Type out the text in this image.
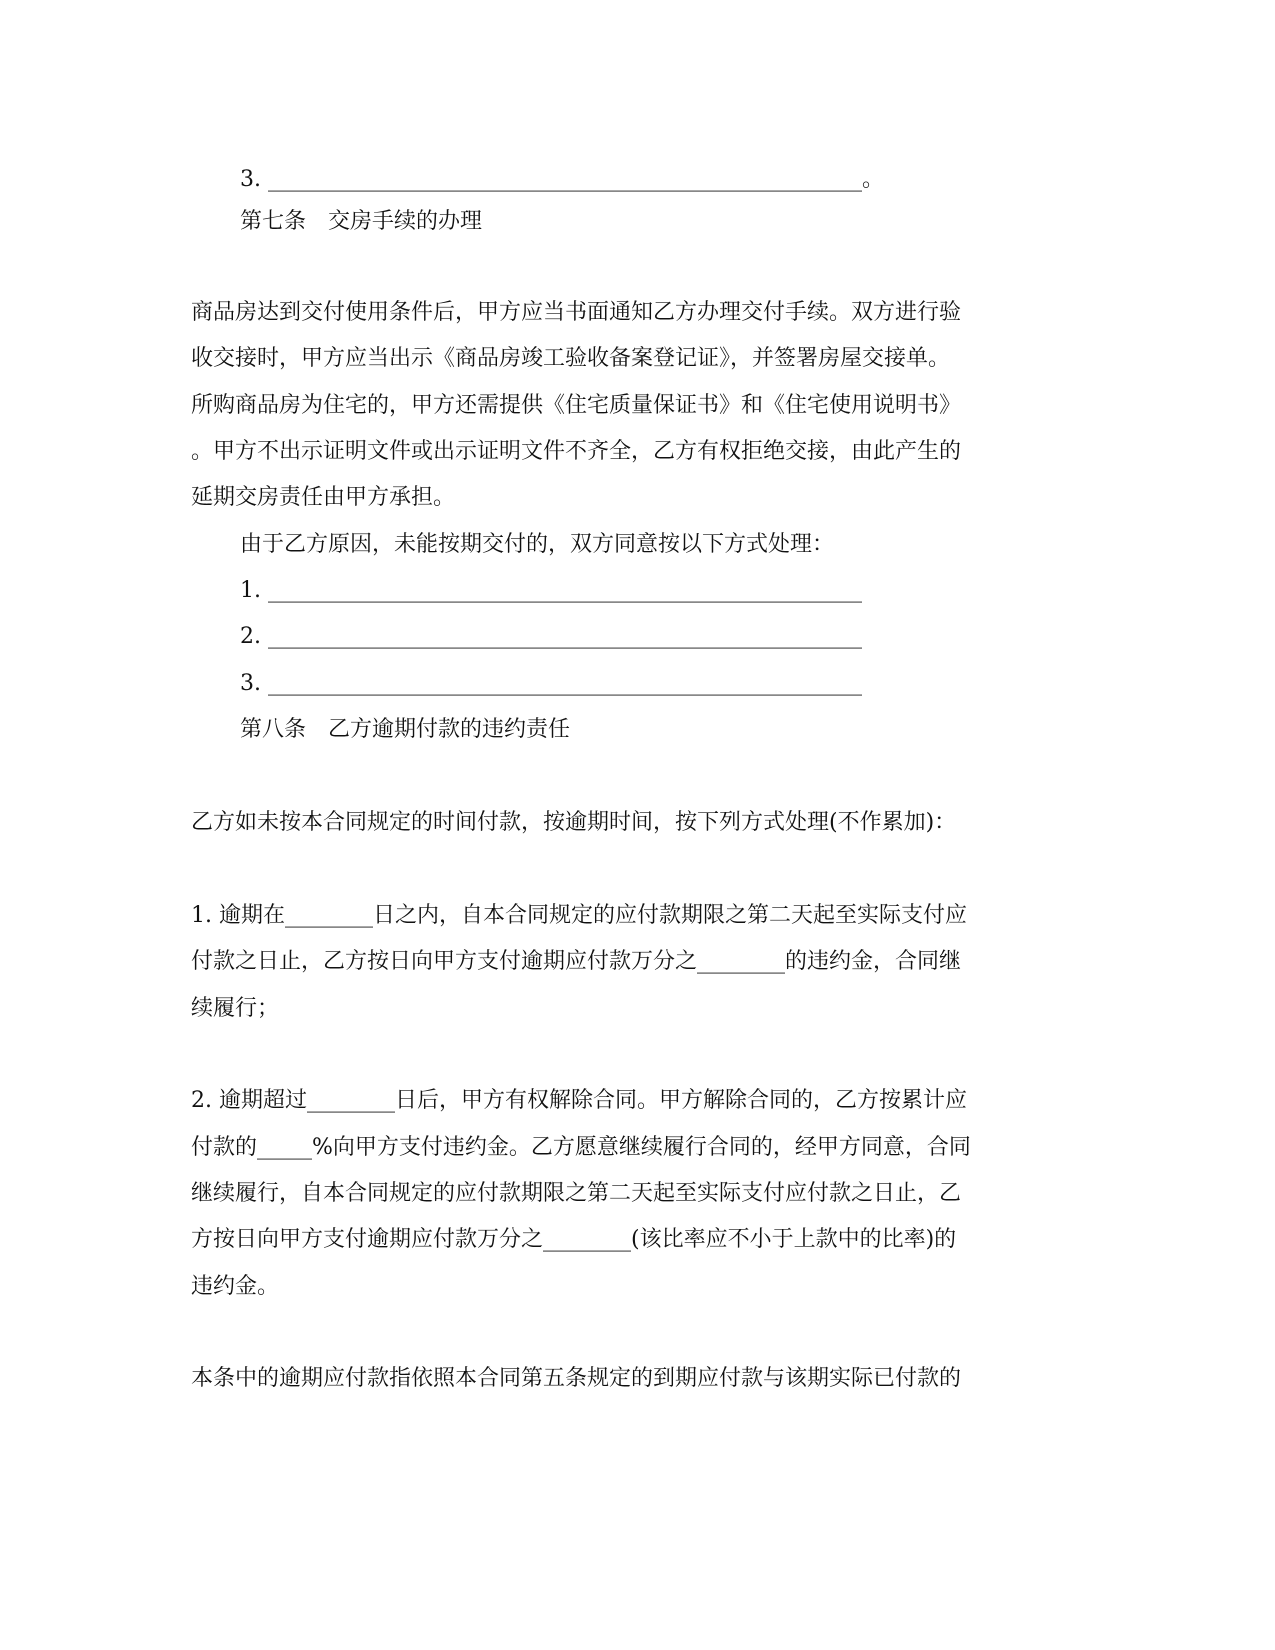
3. ______________________________________________________。
第七条　交房手续的办理
商品房达到交付使用条件后，甲方应当书面通知乙方办理交付手续。双方进行验
收交接时，甲方应当出示《商品房竣工验收备案登记证》，并签署房屋交接单。
所购商品房为住宅的，甲方还需提供《住宅质量保证书》和《住宅使用说明书》
。甲方不出示证明文件或出示证明文件不齐全，乙方有权拒绝交接，由此产生的
延期交房责任由甲方承担。
由于乙方原因，未能按期交付的，双方同意按以下方式处理：
1. ______________________________________________________
2. ______________________________________________________
3. ______________________________________________________
第八条　乙方逾期付款的违约责任
乙方如未按本合同规定的时间付款，按逾期时间，按下列方式处理(不作累加)：
1. 逾期在________日之内，自本合同规定的应付款期限之第二天起至实际支付应
付款之日止，乙方按日向甲方支付逾期应付款万分之________的违约金，合同继
续履行；
2. 逾期超过________日后，甲方有权解除合同。甲方解除合同的，乙方按累计应
付款的_____%向甲方支付违约金。乙方愿意继续履行合同的，经甲方同意，合同
继续履行，自本合同规定的应付款期限之第二天起至实际支付应付款之日止，乙
方按日向甲方支付逾期应付款万分之________(该比率应不小于上款中的比率)的
违约金。
本条中的逾期应付款指依照本合同第五条规定的到期应付款与该期实际已付款的
